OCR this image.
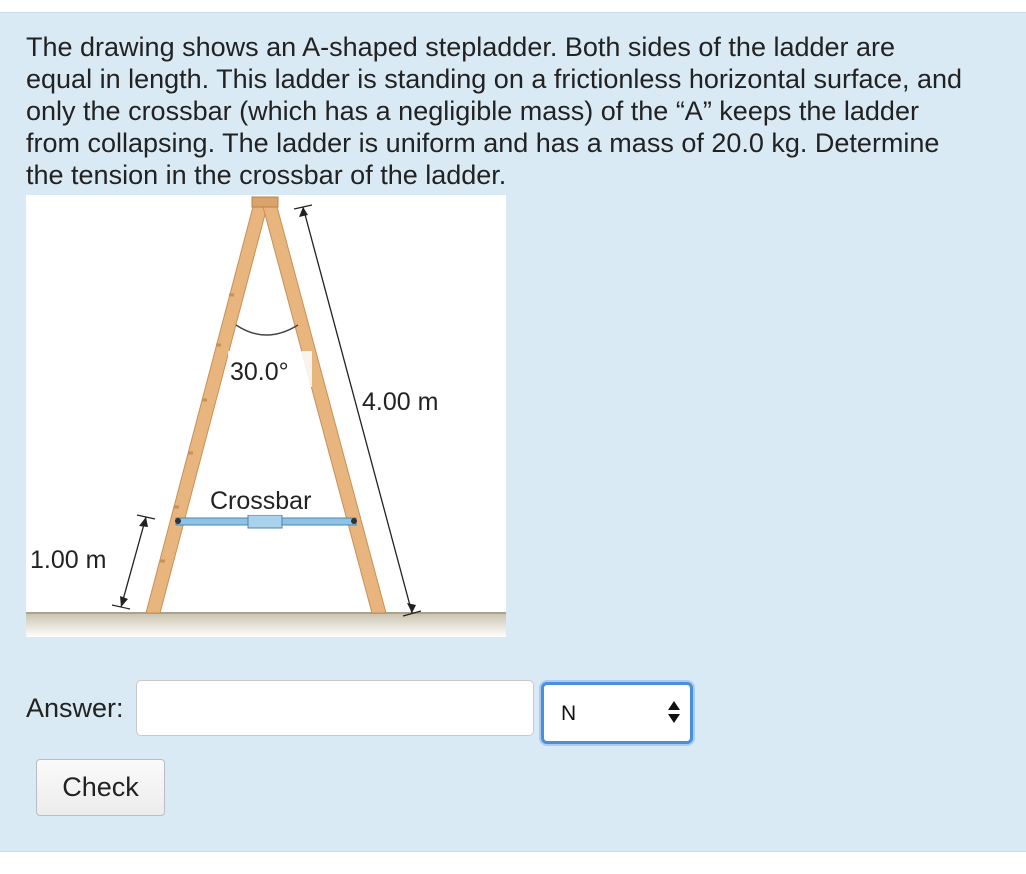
The drawing shows an A-shaped stepladder. Both sides of the ladder are equal in length. This ladder is standing on a frictionless horizontal surface, and only the crossbar (which has a negligible mass) of the “A” keeps the ladder from collapsing. The ladder is uniform and has a mass of 20.0 kg. Determine the tension in the crossbar of the ladder.

30.0°
4.00 m
Crossbar
1.00 m
Answer:	N
Check
